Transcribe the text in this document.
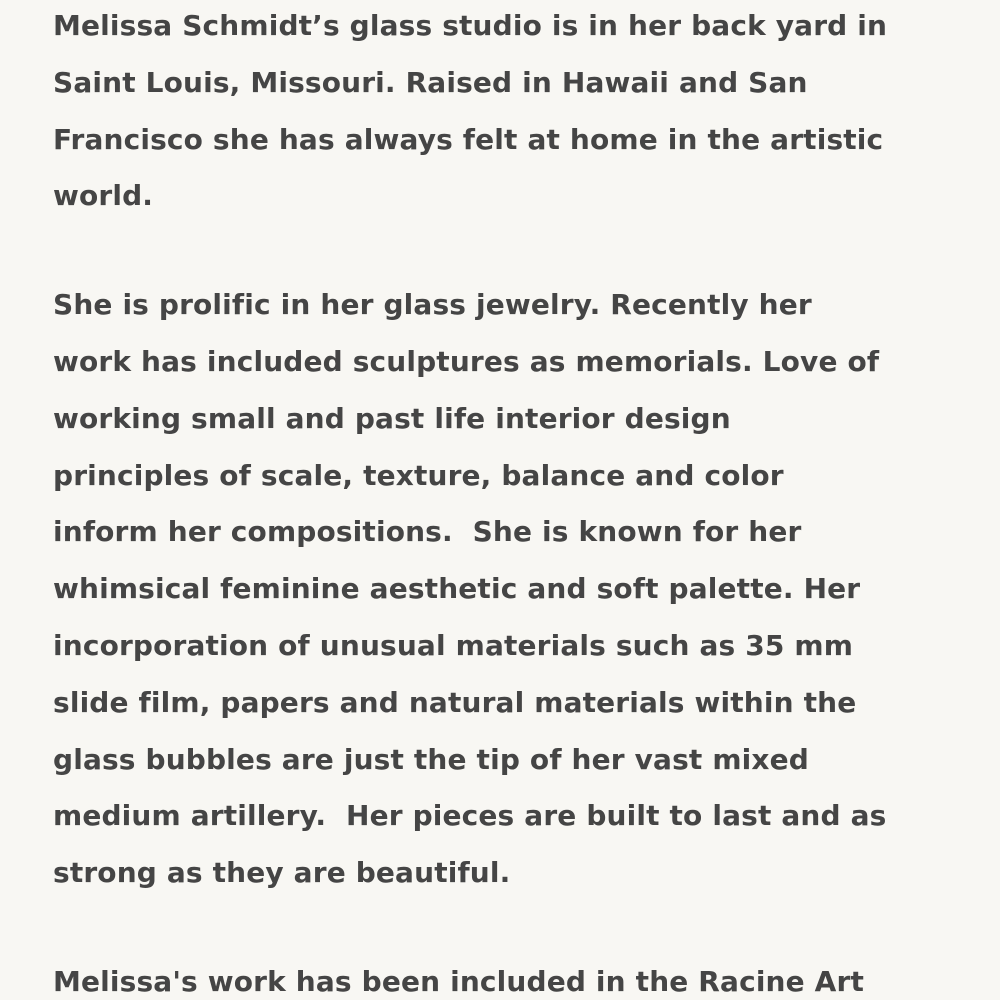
Melissa Schmidt’s glass studio is in her back yard in
Saint Louis, Missouri. Raised in Hawaii and San
Francisco she has always felt at home in the artistic
world.

She is prolific in her glass jewelry. Recently her
work has included sculptures as memorials. Love of
working small and past life interior design
principles of scale, texture, balance and color
inform her compositions.  She is known for her
whimsical feminine aesthetic and soft palette. Her
incorporation of unusual materials such as 35 mm
slide film, papers and natural materials within the
glass bubbles are just the tip of her vast mixed
medium artillery.  Her pieces are built to last and as
strong as they are beautiful.

Melissa's work has been included in the Racine Art
